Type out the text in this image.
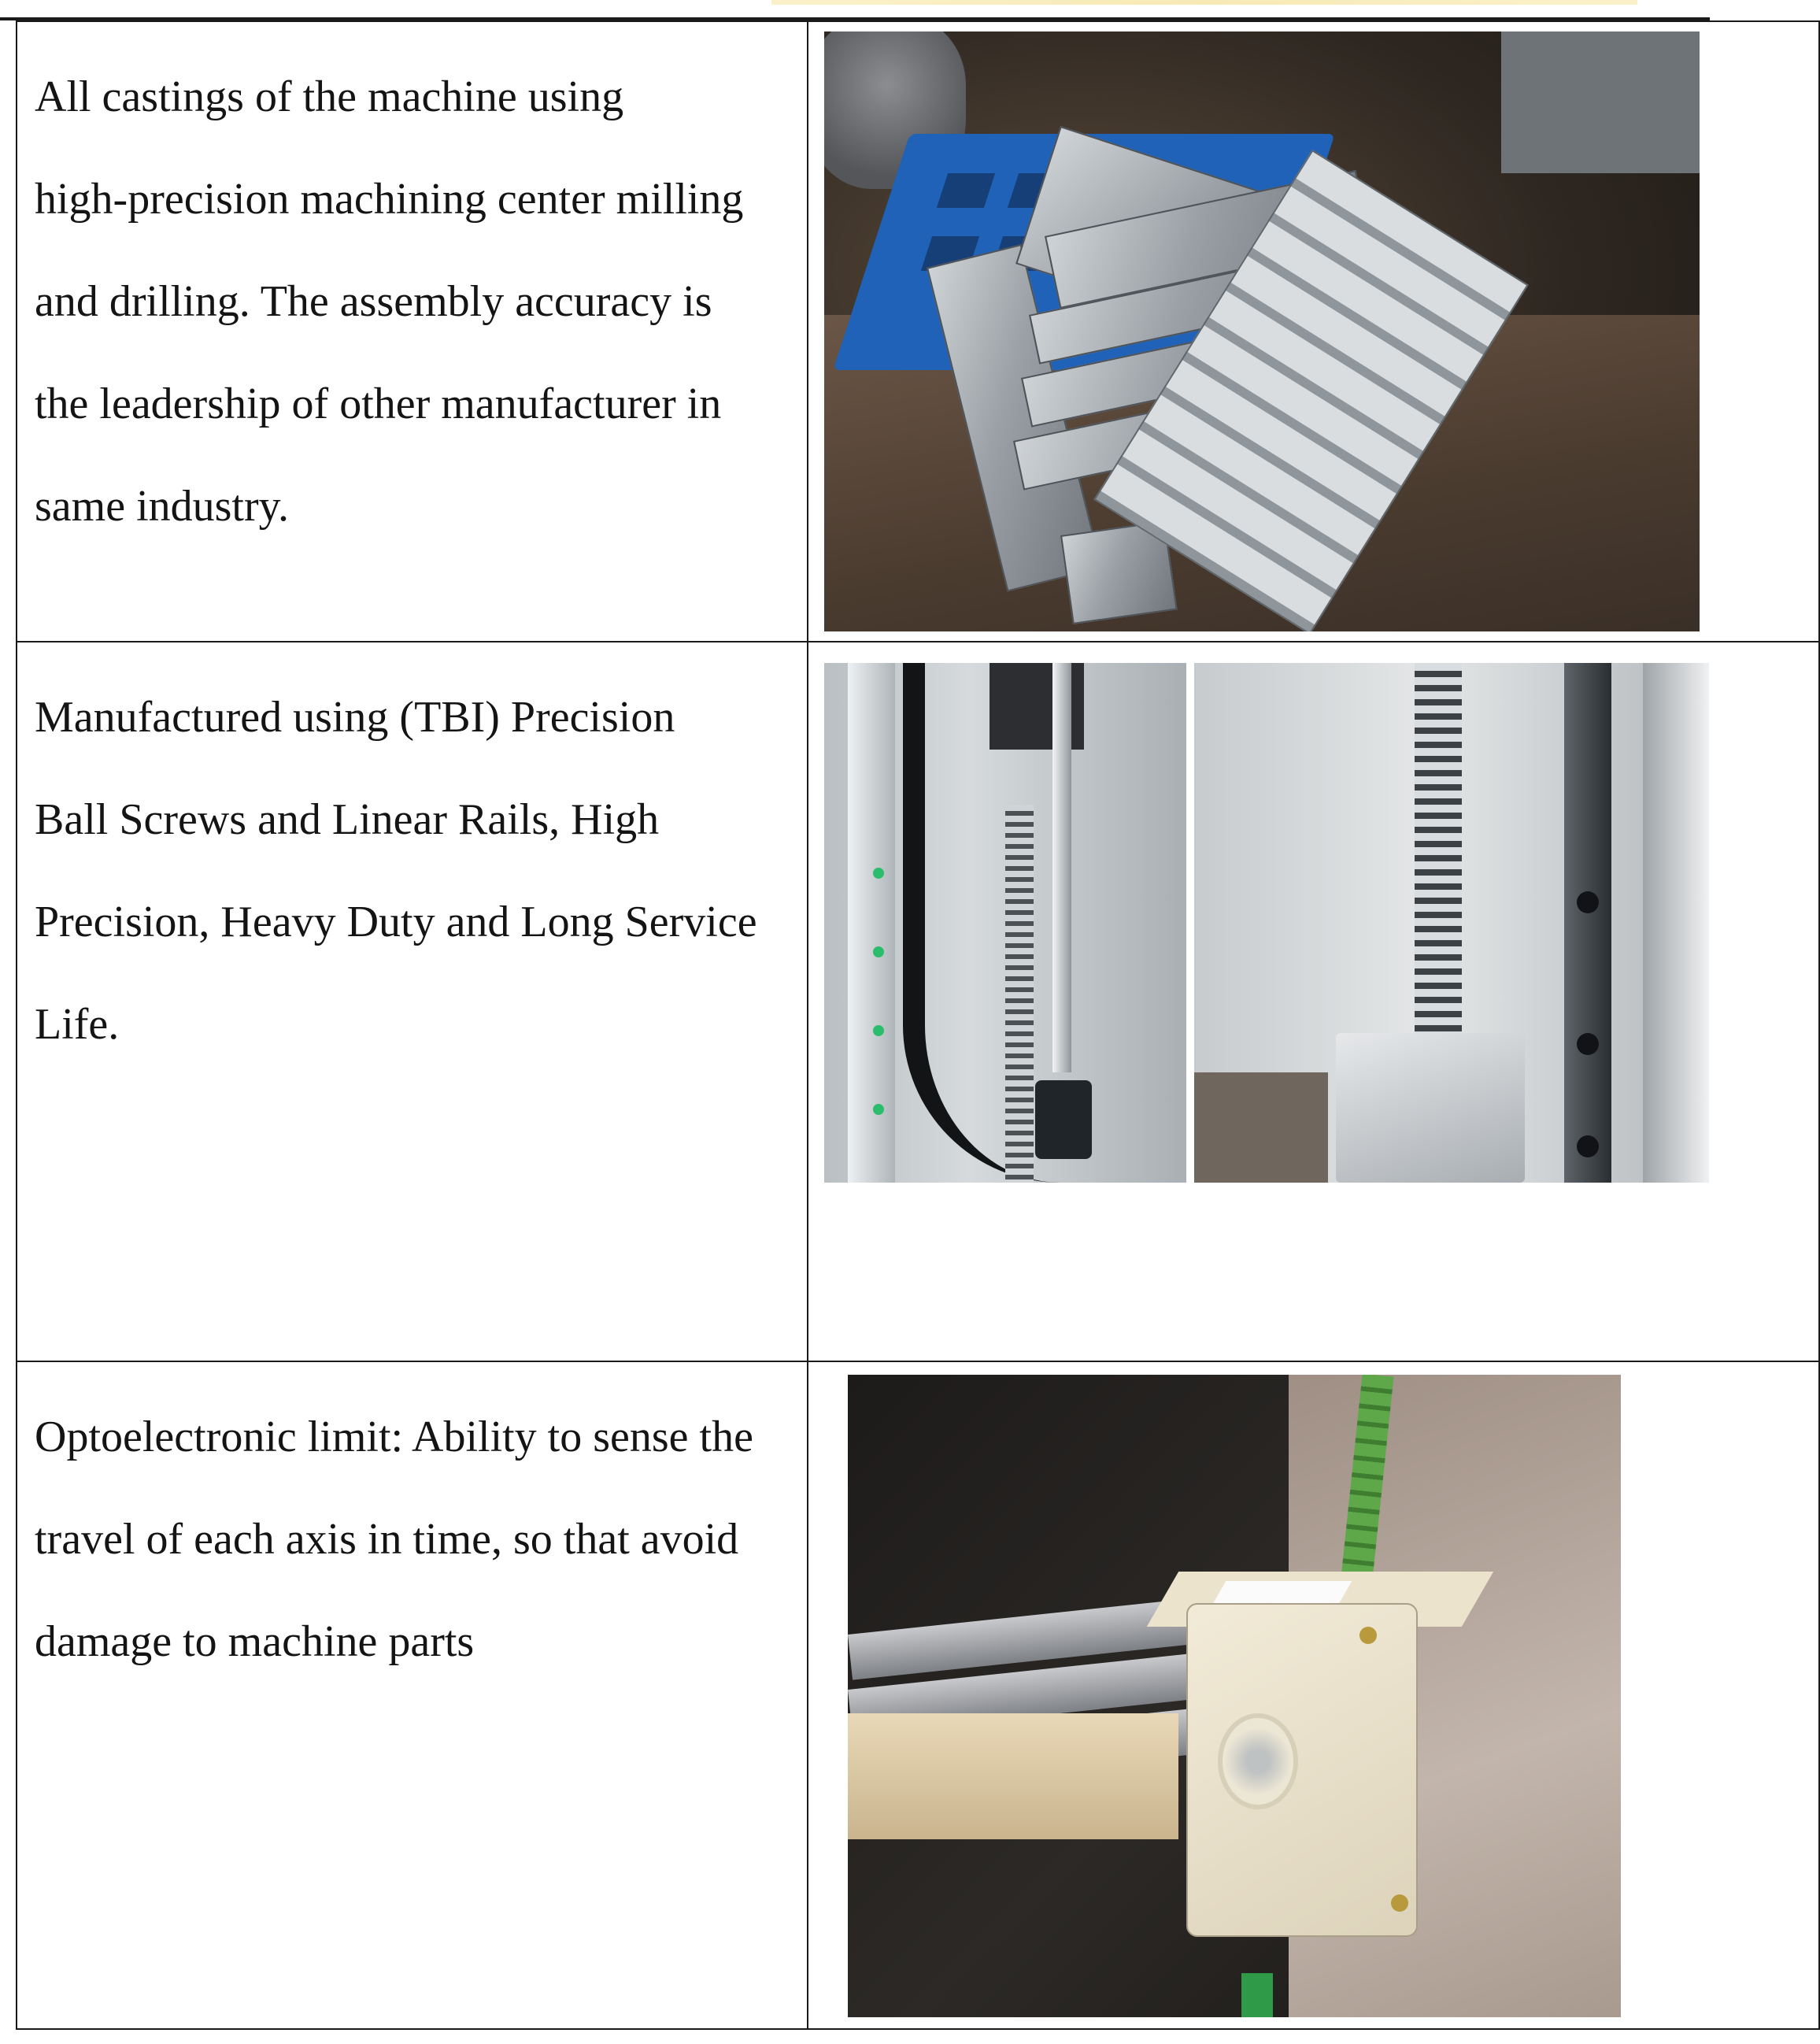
All castings of the machine using
high-precision machining center milling
and drilling. The assembly accuracy is
the leadership of other manufacturer in
same industry.	

Manufactured using (TBI) Precision
Ball Screws and Linear Rails, High
Precision, Heavy Duty and Long Service
Life.	

Optoelectronic limit: Ability to sense the
travel of each axis in time, so that avoid
damage to machine parts	
